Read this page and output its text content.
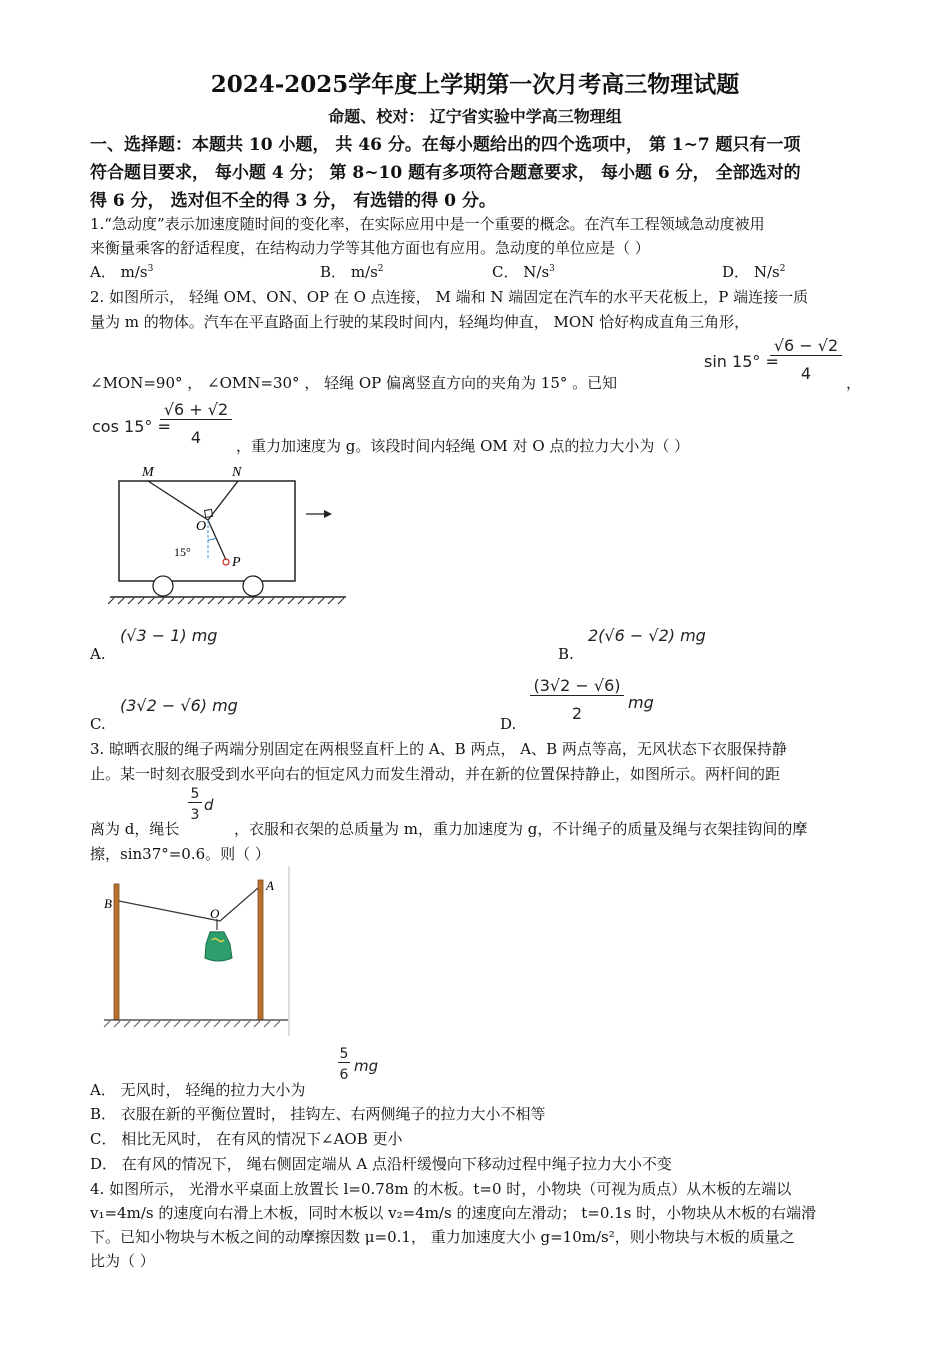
2024-2025学年度上学期第一次月考高三物理试题
命题、校对： 辽宁省实验中学高三物理组
一、选择题：本题共 10 小题， 共 46 分。在每小题给出的四个选项中， 第 1~7 题只有一项
符合题目要求， 每小题 4 分； 第 8~10 题有多项符合题意要求， 每小题 6 分， 全部选对的
得 6 分， 选对但不全的得 3 分， 有选错的得 0 分。
1.“急动度”表示加速度随时间的变化率，在实际应用中是一个重要的概念。在汽车工程领域急动度被用
来衡量乘客的舒适程度，在结构动力学等其他方面也有应用。急动度的单位应是（ ）
A． $m/s^3$	B． $m/s^2$	C． $N/s^3$	D． $N/s^2$
2. 如图所示， 轻绳 OM、ON、OP 在 O 点连接， M 端和 N 端固定在汽车的水平天花板上，P 端连接一质
量为 m 的物体。汽车在平直路面上行驶的某段时间内，轻绳均伸直， MON 恰好构成直角三角形，
∠MON=90° ， ∠OMN=30° ， 轻绳 OP 偏离竖直方向的夹角为 15° 。已知
sin 15° =
√6 − √2
4	，
cos 15° =
√6 + √2
4	，重力加速度为 g。该段时间内轻绳 OM 对 O 点的拉力大小为（ ）
M	N
O
P
15°
A.
(√3 − 1) mg
B.
2(√6 − √2) mg
C.
(3√2 − √6) mg
D.
(3√2 − √6)
2
mg
3. 晾晒衣服的绳子两端分别固定在两根竖直杆上的 A、B 两点， A、B 两点等高，无风状态下衣服保持静
止。某一时刻衣服受到水平向右的恒定风力而发生滑动，并在新的位置保持静止，如图所示。两杆间的距
5
3
d
离为 d，绳长	，衣服和衣架的总质量为 m，重力加速度为 g，不计绳子的质量及绳与衣架挂钩间的摩
擦，sin37°=0.6。则（ ）
B
A
O
A． 无风时， 轻绳的拉力大小为
5
6 mg
B． 衣服在新的平衡位置时， 挂钩左、右两侧绳子的拉力大小不相等
C． 相比无风时， 在有风的情况下∠AOB 更小
D． 在有风的情况下， 绳右侧固定端从 A 点沿杆缓慢向下移动过程中绳子拉力大小不变
4. 如图所示， 光滑水平桌面上放置长 l=0.78m 的木板。t=0 时，小物块（可视为质点）从木板的左端以
v₁=4m/s 的速度向右滑上木板，同时木板以 v₂=4m/s 的速度向左滑动； t=0.1s 时，小物块从木板的右端滑
下。已知小物块与木板之间的动摩擦因数 μ=0.1， 重力加速度大小 g=10m/s²，则小物块与木板的质量之
比为（ ）
